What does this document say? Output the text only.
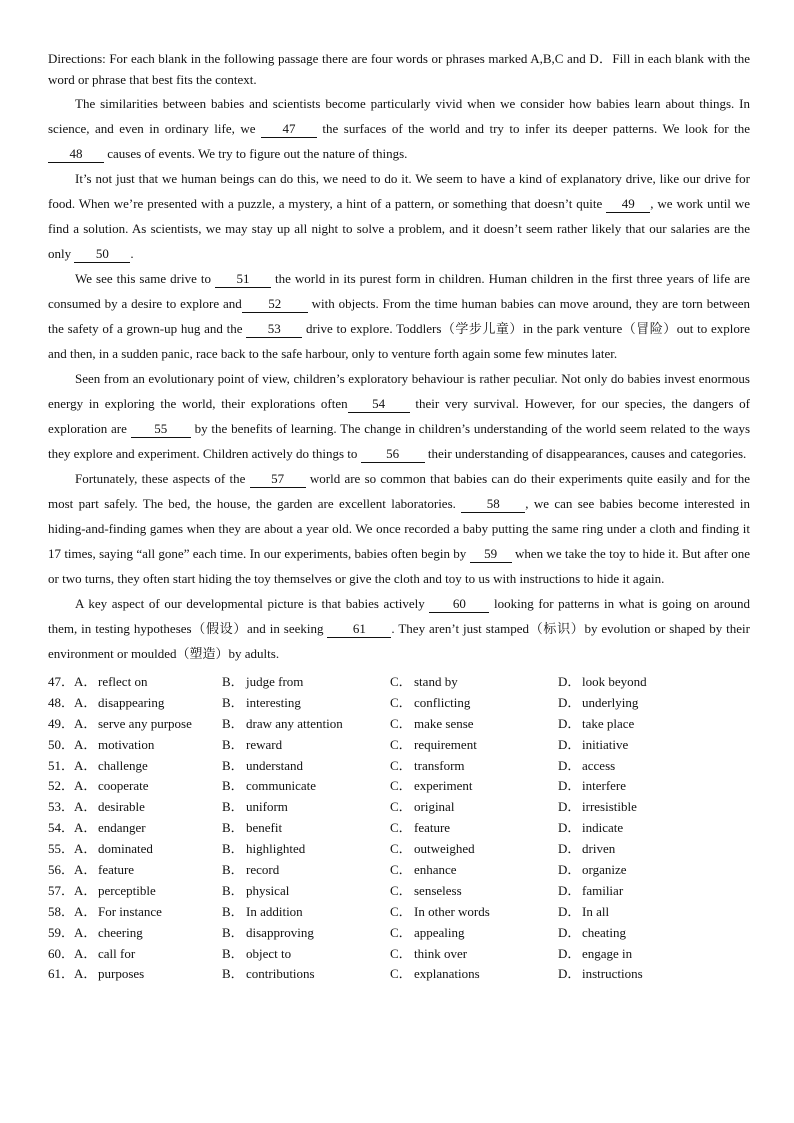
Directions: For each blank in the following passage there are four words or phrases marked A,B,C and D．Fill in each blank with the word or phrase that best fits the context.

The similarities between babies and scientists become particularly vivid when we consider how babies learn about things. In science, and even in ordinary life, we 47 the surfaces of the world and try to infer its deeper patterns. We look for the 48 causes of events. We try to figure out the nature of things.

It’s not just that we human beings can do this, we need to do it. We seem to have a kind of explanatory drive, like our drive for food. When we’re presented with a puzzle, a mystery, a hint of a pattern, or something that doesn’t quite 49 , we work until we find a solution. As scientists, we may stay up all night to solve a problem, and it doesn’t seem rather likely that our salaries are the only 50 .

We see this same drive to 51 the world in its purest form in children. Human children in the first three years of life are consumed by a desire to explore and 52 with objects. From the time human babies can move around, they are torn between the safety of a grown-up hug and the 53 drive to explore. Toddlers（学步儿童）in the park venture（冒险）out to explore and then, in a sudden panic, race back to the safe harbour, only to venture forth again some few minutes later.

Seen from an evolutionary point of view, children’s exploratory behaviour is rather peculiar. Not only do babies invest enormous energy in exploring the world, their explorations often 54 their very survival. However, for our species, the dangers of exploration are 55 by the benefits of learning. The change in children’s understanding of the world seem related to the ways they explore and experiment. Children actively do things to 56 their understanding of disappearances, causes and categories.

Fortunately, these aspects of the 57 world are so common that babies can do their experiments quite easily and for the most part safely. The bed, the house, the garden are excellent laboratories. 58 , we can see babies become interested in hiding-and-finding games when they are about a year old. We once recorded a baby putting the same ring under a cloth and finding it 17 times, saying “all gone” each time. In our experiments, babies often begin by 59 when we take the toy to hide it. But after one or two turns, they often start hiding the toy themselves or give the cloth and toy to us with instructions to hide it again.

A key aspect of our developmental picture is that babies actively 60 looking for patterns in what is going on around them, in testing hypotheses（假设）and in seeking 61 . They aren’t just stamped（标识）by evolution or shaped by their environment or moulded（塑造）by adults.

47． A． reflect on	B． judge from	C． stand by	D． look beyond
48． A． disappearing	B． interesting	C． conflicting	D． underlying
49． A． serve any purpose B． draw any attention	C． make sense	D． take place
50． A． motivation	B． reward	C． requirement	D． initiative
51． A． challenge	B． understand	C． transform	D． access
52． A． cooperate	B． communicate	C． experiment	D． interfere
53． A． desirable	B． uniform	C． original	D． irresistible
54． A． endanger	B． benefit	C． feature	D． indicate
55． A． dominated	B． highlighted	C． outweighed	D． driven
56． A． feature	B． record	C． enhance	D． organize
57． A． perceptible	B． physical	C． senseless	D． familiar
58． A． For instance	B． In addition	C． In other words	D． In all
59． A． cheering	B． disapproving	C． appealing	D． cheating
60． A． call for	B． object to	C． think over	D． engage in
61． A． purposes	B． contributions	C． explanations	D． instructions
